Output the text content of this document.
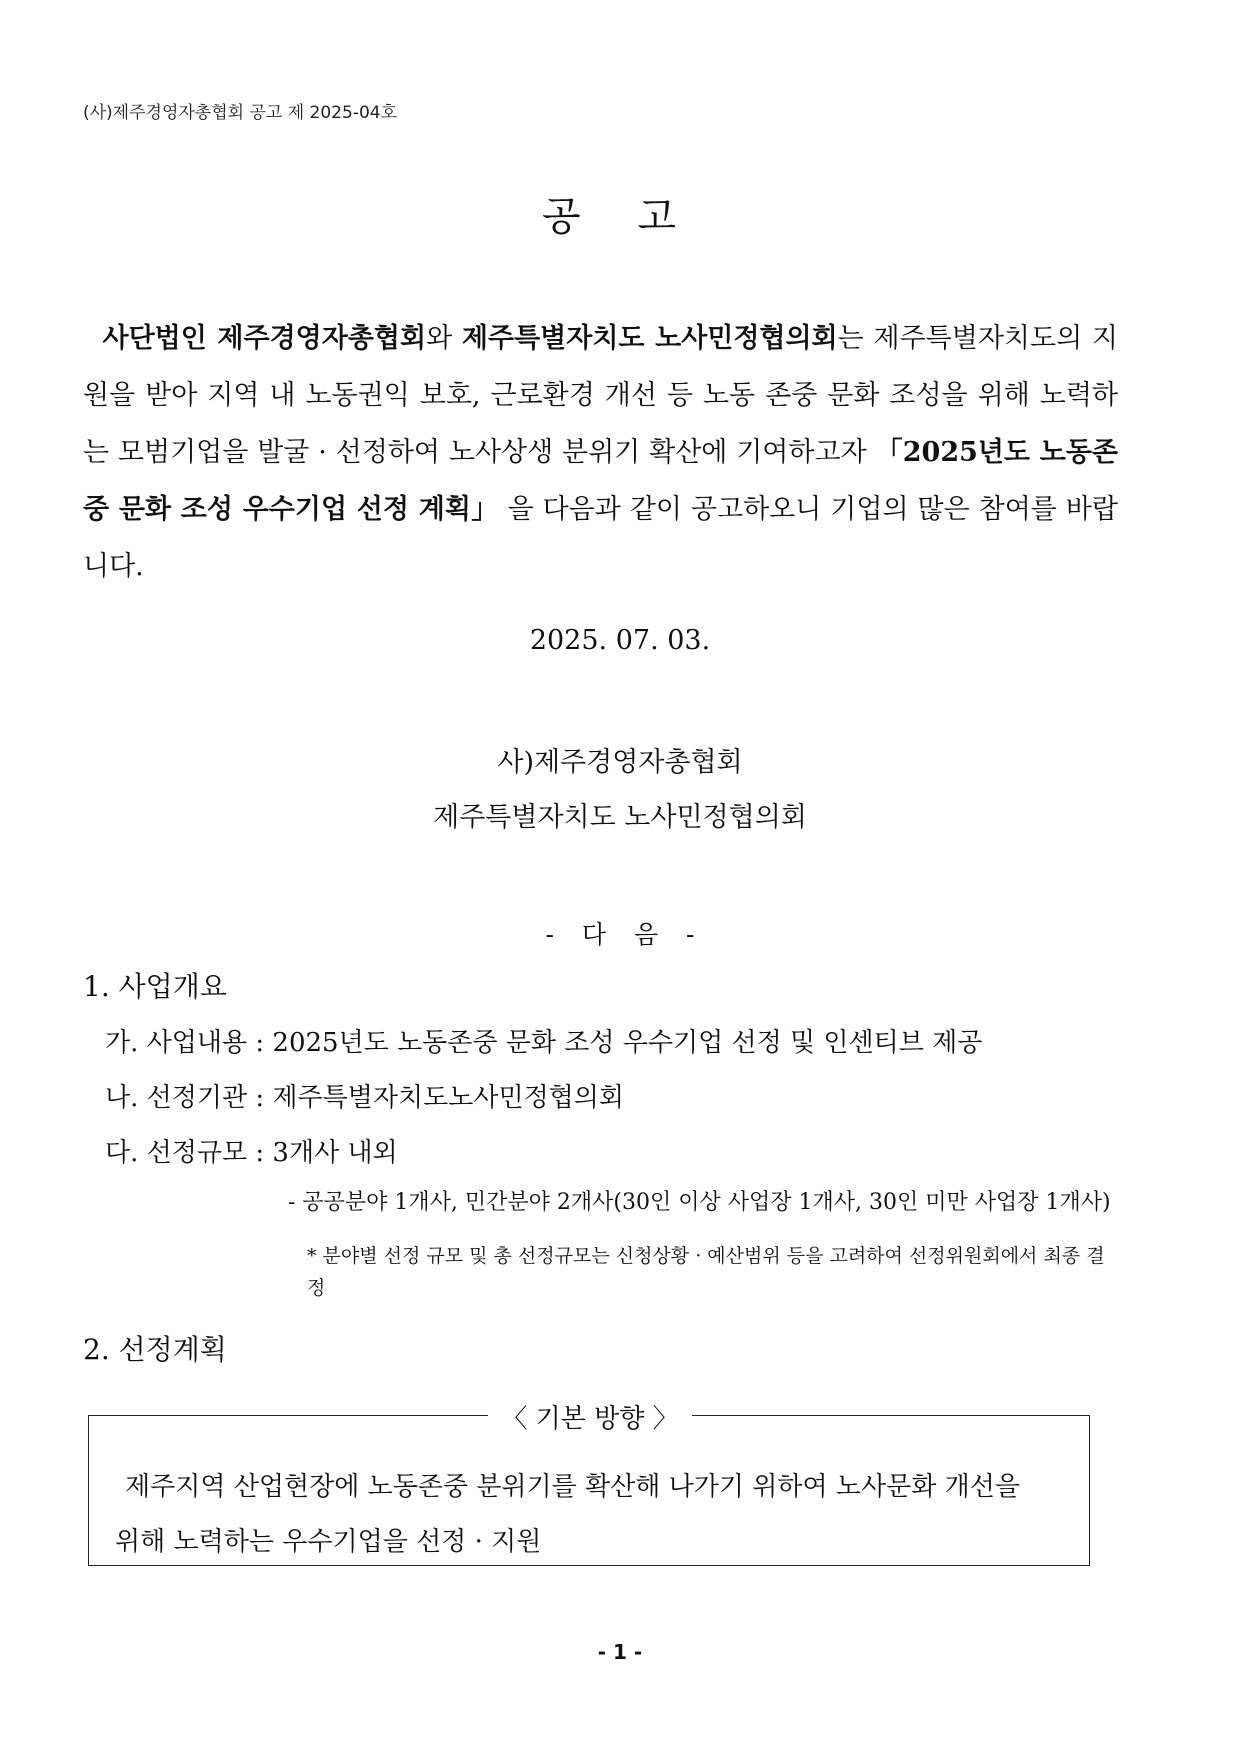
(사)제주경영자총협회 공고 제 2025-04호
공 고
사단법인 제주경영자총협회와 제주특별자치도 노사민정협의회는 제주특별자치도의 지원을 받아 지역 내 노동권익 보호, 근로환경 개선 등 노동 존중 문화 조성을 위해 노력하는 모범기업을 발굴 · 선정하여 노사상생 분위기 확산에 기여하고자 「2025년도 노동존중 문화 조성 우수기업 선정 계획」 을 다음과 같이 공고하오니 기업의 많은 참여를 바랍니다.
2025. 07. 03.
사)제주경영자총협회
제주특별자치도 노사민정협의회
- 다 음 -
1. 사업개요
가. 사업내용 : 2025년도 노동존중 문화 조성 우수기업 선정 및 인센티브 제공
나. 선정기관 : 제주특별자치도노사민정협의회
다. 선정규모 : 3개사 내외
- 공공분야 1개사, 민간분야 2개사(30인 이상 사업장 1개사, 30인 미만 사업장 1개사)
* 분야별 선정 규모 및 총 선정규모는 신청상황 · 예산범위 등을 고려하여 선정위원회에서 최종 결정
2. 선정계획
〈 기본 방향 〉
제주지역 산업현장에 노동존중 분위기를 확산해 나가기 위하여 노사문화 개선을
위해 노력하는 우수기업을 선정 · 지원
- 1 -
